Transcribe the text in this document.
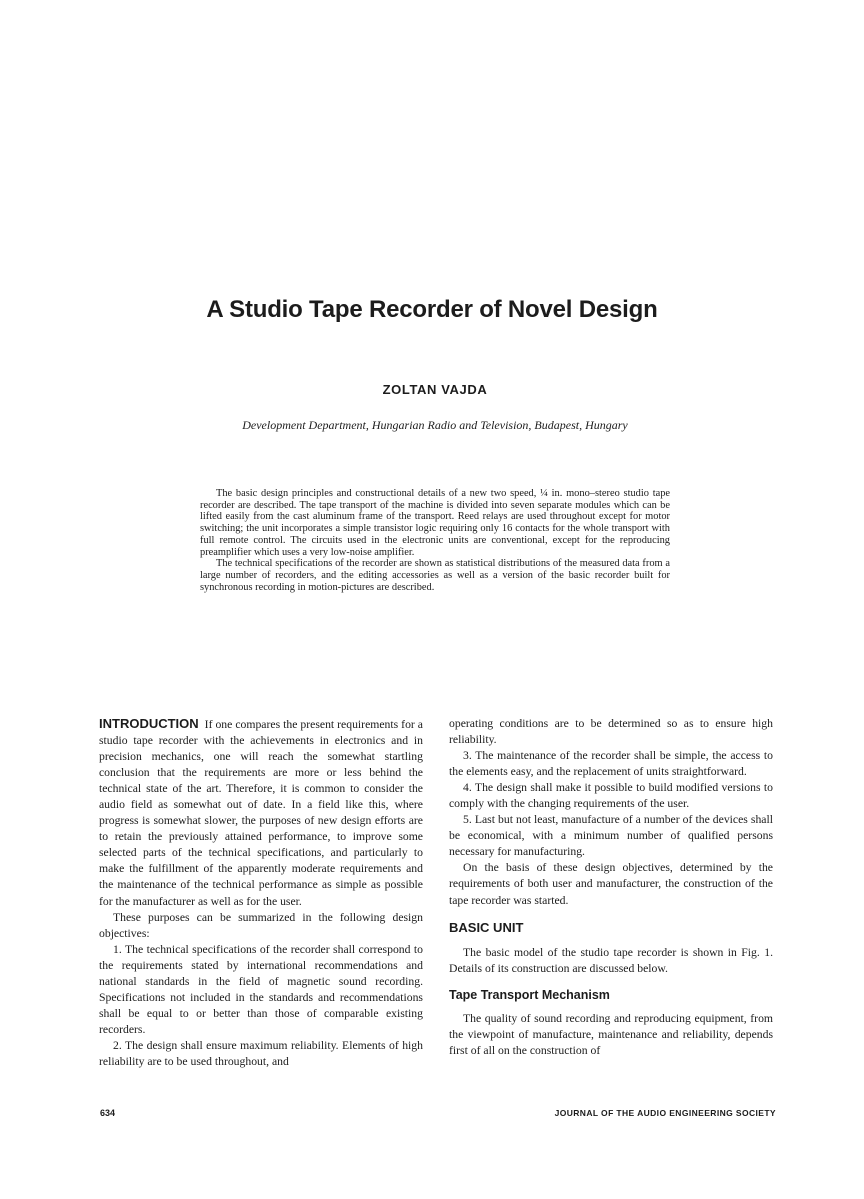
A Studio Tape Recorder of Novel Design
ZOLTAN VAJDA
Development Department, Hungarian Radio and Television, Budapest, Hungary

The basic design principles and constructional details of a new two speed, ¼ in. mono–stereo studio tape recorder are described. The tape transport of the machine is divided into seven separate modules which can be lifted easily from the cast aluminum frame of the transport. Reed relays are used throughout except for motor switching; the unit incorporates a simple transistor logic requiring only 16 contacts for the whole transport with full remote control. The circuits used in the electronic units are conventional, except for the reproducing preamplifier which uses a very low-noise amplifier.

The technical specifications of the recorder are shown as statistical distributions of the measured data from a large number of recorders, and the editing accessories as well as a version of the basic recorder built for synchronous recording in motion-pictures are described.

INTRODUCTION If one compares the present requirements for a studio tape recorder with the achievements in electronics and in precision mechanics, one will reach the somewhat startling conclusion that the requirements are more or less behind the technical state of the art. Therefore, it is common to consider the audio field as somewhat out of date. In a field like this, where progress is somewhat slower, the purposes of new design efforts are to retain the previously attained performance, to improve some selected parts of the technical specifications, and particularly to make the fulfillment of the apparently moderate requirements and the maintenance of the technical performance as simple as possible for the manufacturer as well as for the user.

These purposes can be summarized in the following design objectives:

1. The technical specifications of the recorder shall correspond to the requirements stated by international recommendations and national standards in the field of magnetic sound recording. Specifications not included in the standards and recommendations shall be equal to or better than those of comparable existing recorders.

2. The design shall ensure maximum reliability. Elements of high reliability are to be used throughout, and

operating conditions are to be determined so as to ensure high reliability.

3. The maintenance of the recorder shall be simple, the access to the elements easy, and the replacement of units straightforward.

4. The design shall make it possible to build modified versions to comply with the changing requirements of the user.

5. Last but not least, manufacture of a number of the devices shall be economical, with a minimum number of qualified persons necessary for manufacturing.

On the basis of these design objectives, determined by the requirements of both user and manufacturer, the construction of the tape recorder was started.

BASIC UNIT

The basic model of the studio tape recorder is shown in Fig. 1. Details of its construction are discussed below.

Tape Transport Mechanism

The quality of sound recording and reproducing equipment, from the viewpoint of manufacture, maintenance and reliability, depends first of all on the construction of

634	JOURNAL OF THE AUDIO ENGINEERING SOCIETY
